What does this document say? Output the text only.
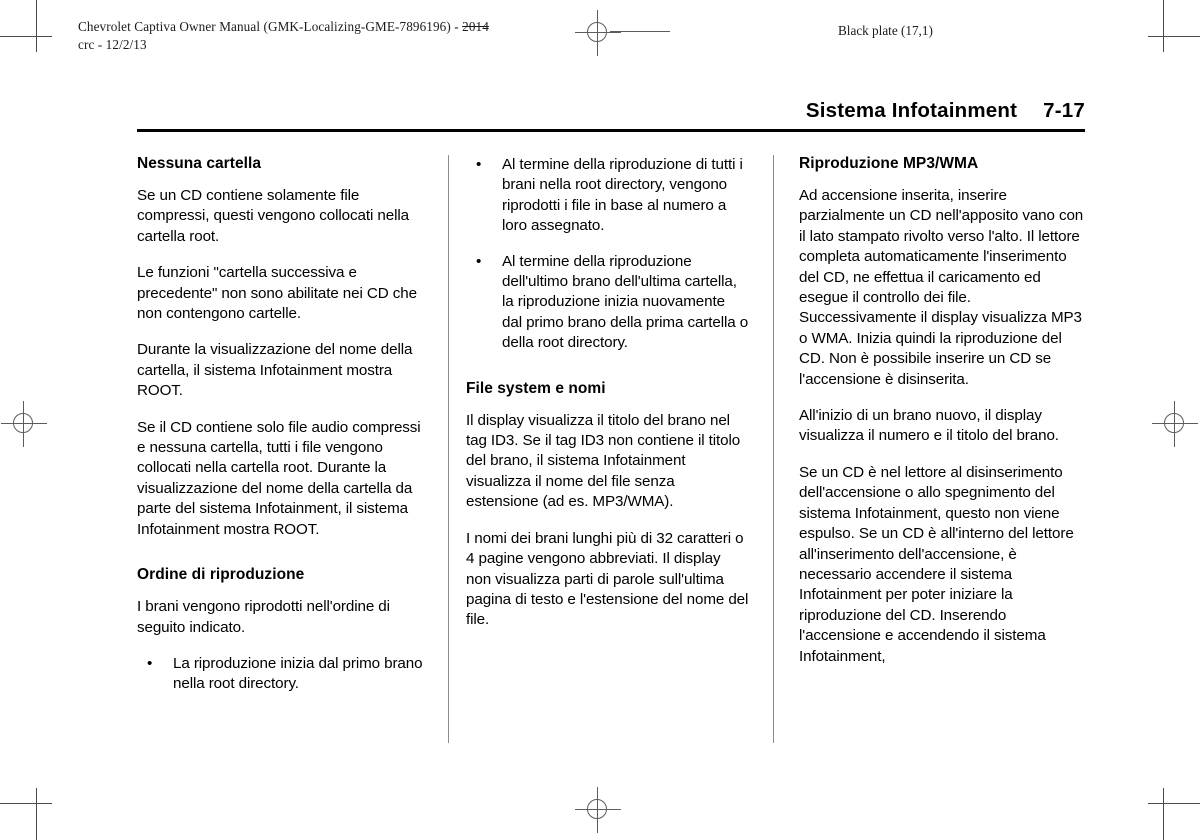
Chevrolet Captiva Owner Manual (GMK-Localizing-GME-7896196) - 2014
crc - 12/2/13
Black plate (17,1)
Sistema Infotainment 7-17
Nessuna cartella

Se un CD contiene solamente file compressi, questi vengono collocati nella cartella root.

Le funzioni "cartella successiva e precedente" non sono abilitate nei CD che non contengono cartelle.

Durante la visualizzazione del nome della cartella, il sistema Infotainment mostra ROOT.

Se il CD contiene solo file audio compressi e nessuna cartella, tutti i file vengono collocati nella cartella root. Durante la visualizzazione del nome della cartella da parte del sistema Infotainment, il sistema Infotainment mostra ROOT.

Ordine di riproduzione

I brani vengono riprodotti nell'ordine di seguito indicato.

• La riproduzione inizia dal primo brano nella root directory.
• Al termine della riproduzione di tutti i brani nella root directory, vengono riprodotti i file in base al numero a loro assegnato.
• Al termine della riproduzione dell'ultimo brano dell'ultima cartella, la riproduzione inizia nuovamente dal primo brano della prima cartella o della root directory.
File system e nomi

Il display visualizza il titolo del brano nel tag ID3. Se il tag ID3 non contiene il titolo del brano, il sistema Infotainment visualizza il nome del file senza estensione (ad es. MP3/WMA).

I nomi dei brani lunghi più di 32 caratteri o 4 pagine vengono abbreviati. Il display non visualizza parti di parole sull'ultima pagina di testo e l'estensione del nome del file.

Riproduzione MP3/WMA

Ad accensione inserita, inserire parzialmente un CD nell'apposito vano con il lato stampato rivolto verso l'alto. Il lettore completa automaticamente l'inserimento del CD, ne effettua il caricamento ed esegue il controllo dei file. Successivamente il display visualizza MP3 o WMA. Inizia quindi la riproduzione del CD. Non è possibile inserire un CD se l'accensione è disinserita.

All'inizio di un brano nuovo, il display visualizza il numero e il titolo del brano.

Se un CD è nel lettore al disinserimento dell'accensione o allo spegnimento del sistema Infotainment, questo non viene espulso. Se un CD è all'interno del lettore all'inserimento dell'accensione, è necessario accendere il sistema Infotainment per poter iniziare la riproduzione del CD. Inserendo l'accensione e accendendo il sistema Infotainment,
